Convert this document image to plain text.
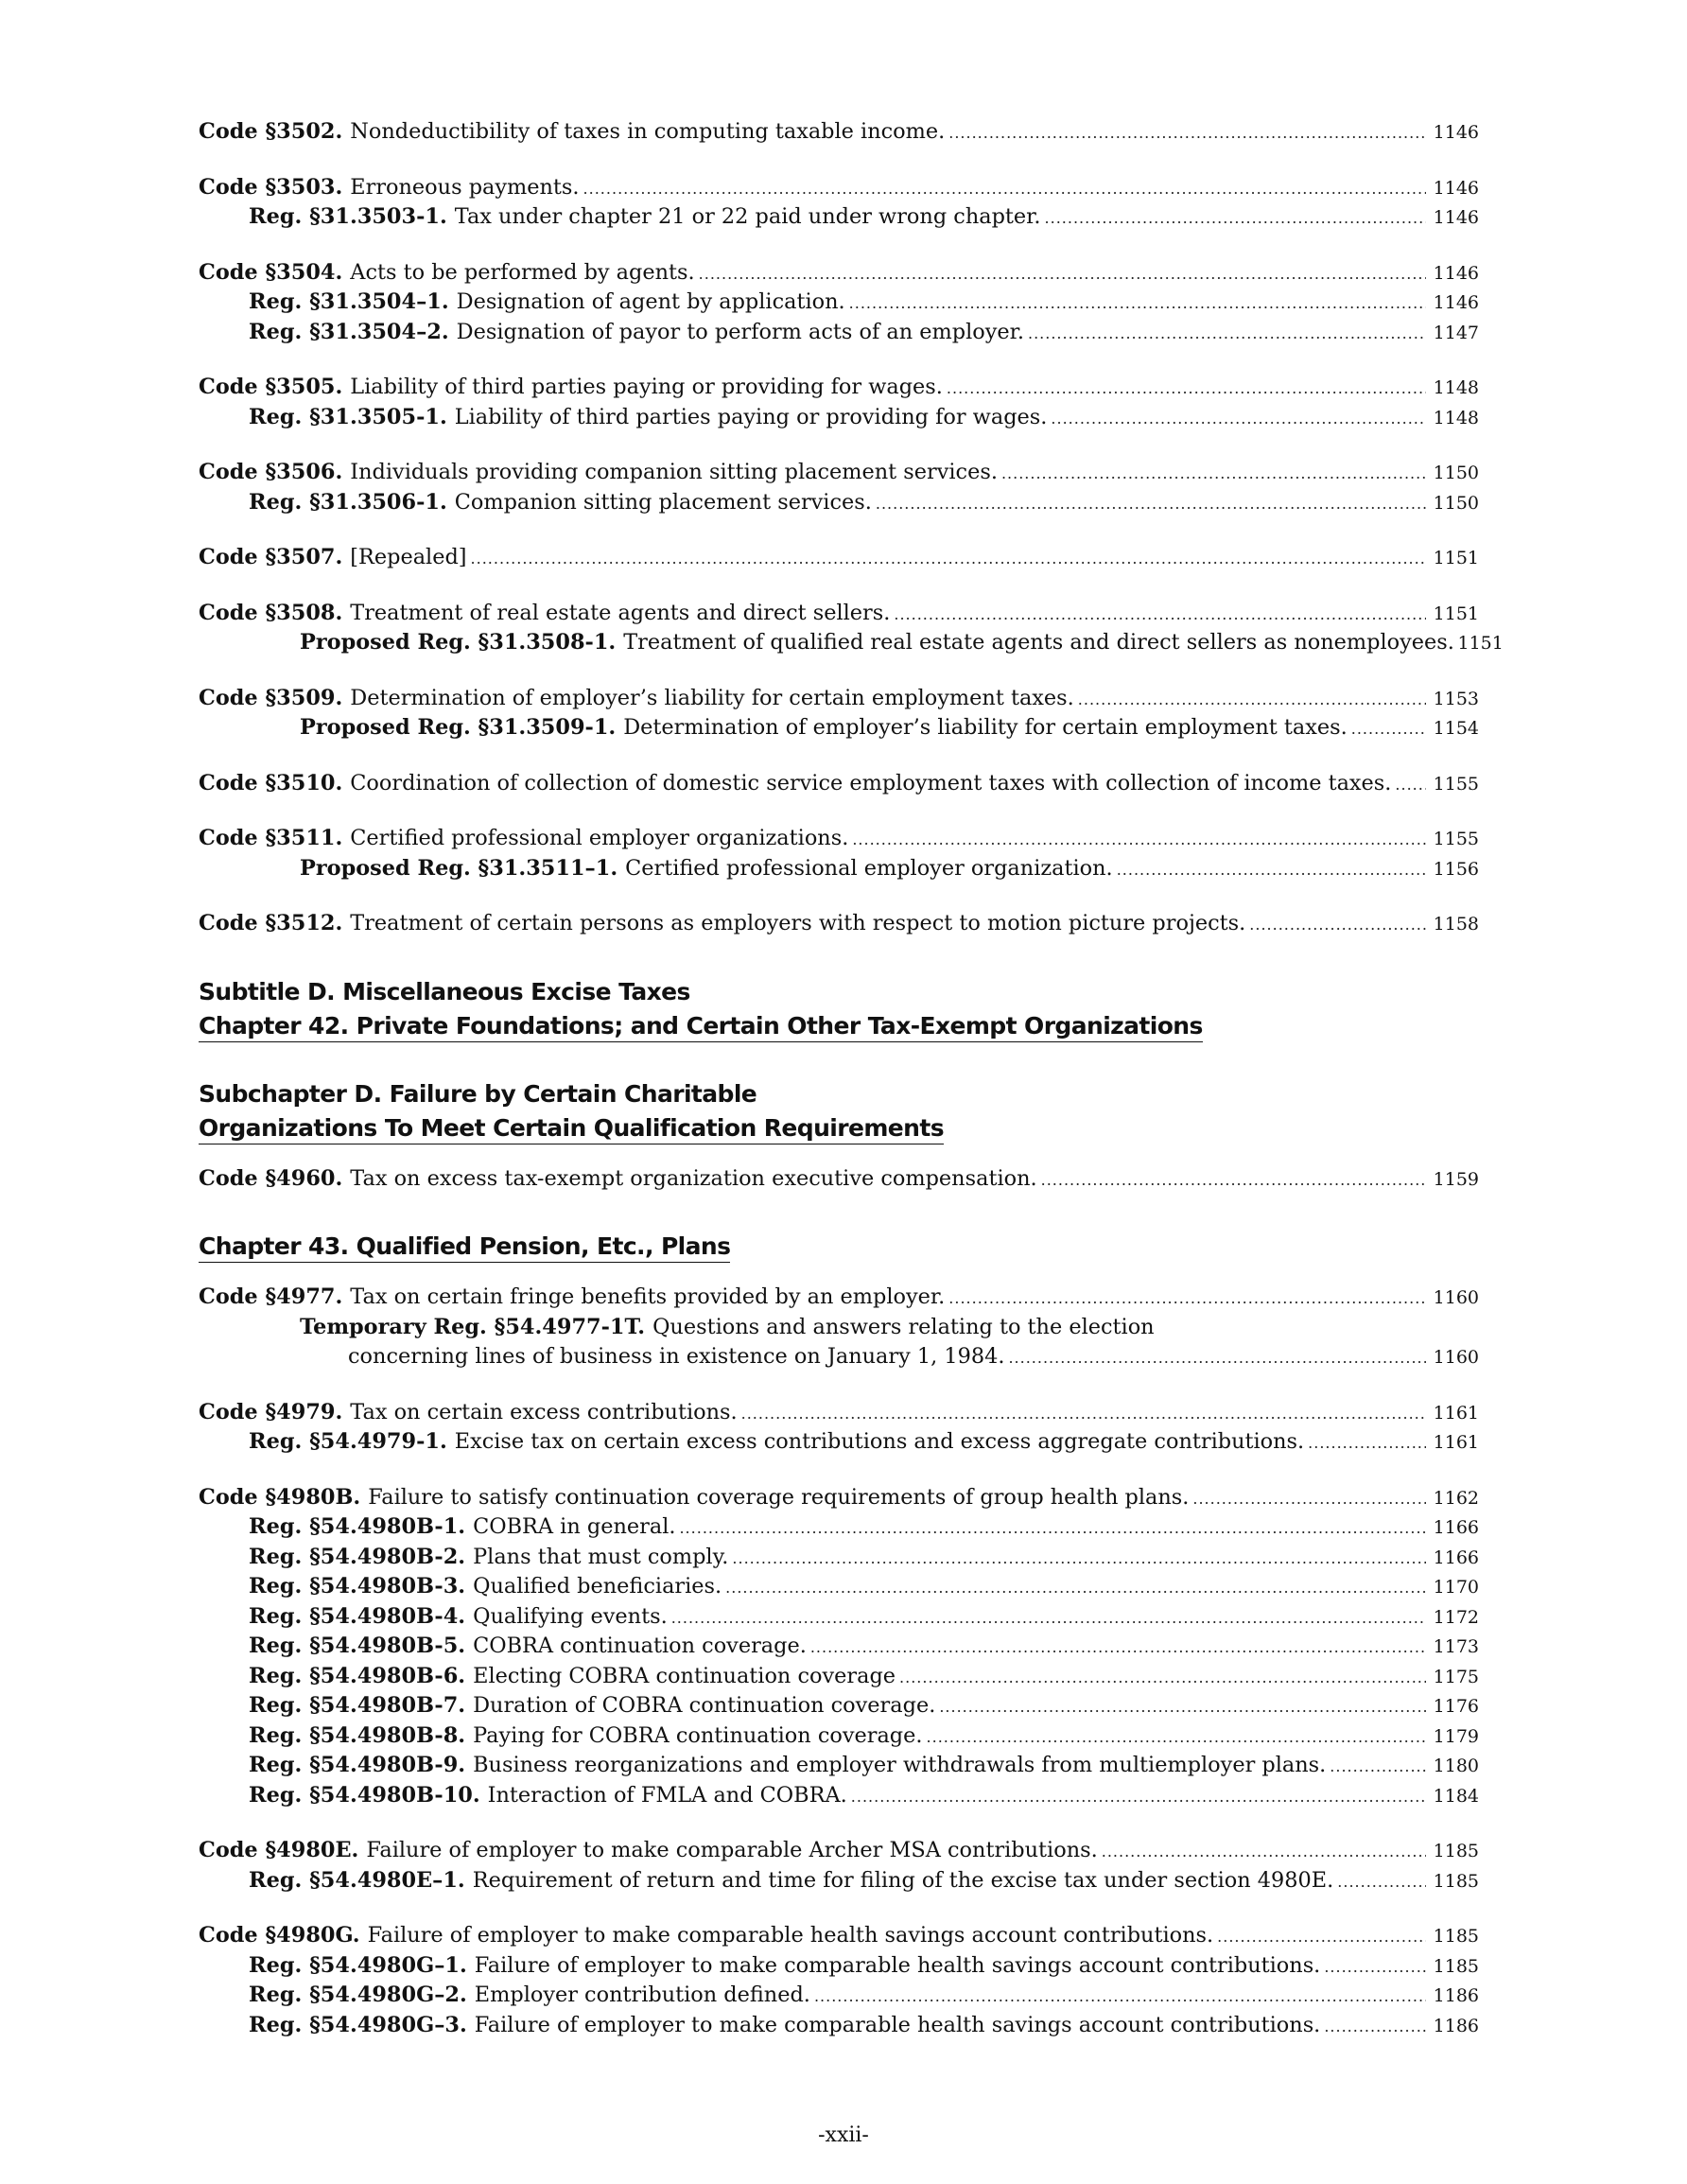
Code §3502. Nondeductibility of taxes in computing taxable income. .....	1146
Code §3503. Erroneous payments. .....	1146
Reg. §31.3503-1. Tax under chapter 21 or 22 paid under wrong chapter. .....	1146
Code §3504. Acts to be performed by agents. .....	1146
Reg. §31.3504–1. Designation of agent by application. .....	1146
Reg. §31.3504–2. Designation of payor to perform acts of an employer. .....	1147
Code §3505. Liability of third parties paying or providing for wages. .....	1148
Reg. §31.3505-1. Liability of third parties paying or providing for wages. .....	1148
Code §3506. Individuals providing companion sitting placement services. .....	1150
Reg. §31.3506-1. Companion sitting placement services. .....	1150
Code §3507. [Repealed] .....	1151
Code §3508. Treatment of real estate agents and direct sellers. .....	1151
Proposed Reg. §31.3508-1. Treatment of qualified real estate agents and direct sellers as nonemployees. 1151
Code §3509. Determination of employer’s liability for certain employment taxes. .....	1153
Proposed Reg. §31.3509-1. Determination of employer’s liability for certain employment taxes. .....	1154
Code §3510. Coordination of collection of domestic service employment taxes with collection of income taxes. ..... 1155
Code §3511. Certified professional employer organizations. .....	1155
Proposed Reg. §31.3511–1. Certified professional employer organization. .....	1156
Code §3512. Treatment of certain persons as employers with respect to motion picture projects. .....	1158
Subtitle D. Miscellaneous Excise Taxes
Chapter 42. Private Foundations; and Certain Other Tax-Exempt Organizations
Subchapter D. Failure by Certain Charitable
Organizations To Meet Certain Qualification Requirements
Code §4960. Tax on excess tax-exempt organization executive compensation. .....	1159
Chapter 43. Qualified Pension, Etc., Plans
Code §4977. Tax on certain fringe benefits provided by an employer. .....	1160
Temporary Reg. §54.4977-1T. Questions and answers relating to the election
concerning lines of business in existence on January 1, 1984. .....	1160
Code §4979. Tax on certain excess contributions. .....	1161
Reg. §54.4979-1. Excise tax on certain excess contributions and excess aggregate contributions. .....	1161
Code §4980B. Failure to satisfy continuation coverage requirements of group health plans. .....	1162
Reg. §54.4980B-1. COBRA in general. .....	1166
Reg. §54.4980B-2. Plans that must comply. .....	1166
Reg. §54.4980B-3. Qualified beneficiaries. .....	1170
Reg. §54.4980B-4. Qualifying events. .....	1172
Reg. §54.4980B-5. COBRA continuation coverage. .....	1173
Reg. §54.4980B-6. Electing COBRA continuation coverage .....	1175
Reg. §54.4980B-7. Duration of COBRA continuation coverage. .....	1176
Reg. §54.4980B-8. Paying for COBRA continuation coverage. .....	1179
Reg. §54.4980B-9. Business reorganizations and employer withdrawals from multiemployer plans. .....	1180
Reg. §54.4980B-10. Interaction of FMLA and COBRA. .....	1184
Code §4980E. Failure of employer to make comparable Archer MSA contributions. .....	1185
Reg. §54.4980E–1. Requirement of return and time for filing of the excise tax under section 4980E. .....	1185
Code §4980G. Failure of employer to make comparable health savings account contributions. .....	1185
Reg. §54.4980G–1. Failure of employer to make comparable health savings account contributions. .....	1185
Reg. §54.4980G–2. Employer contribution defined. .....	1186
Reg. §54.4980G–3. Failure of employer to make comparable health savings account contributions. .....	1186
-xxii-
